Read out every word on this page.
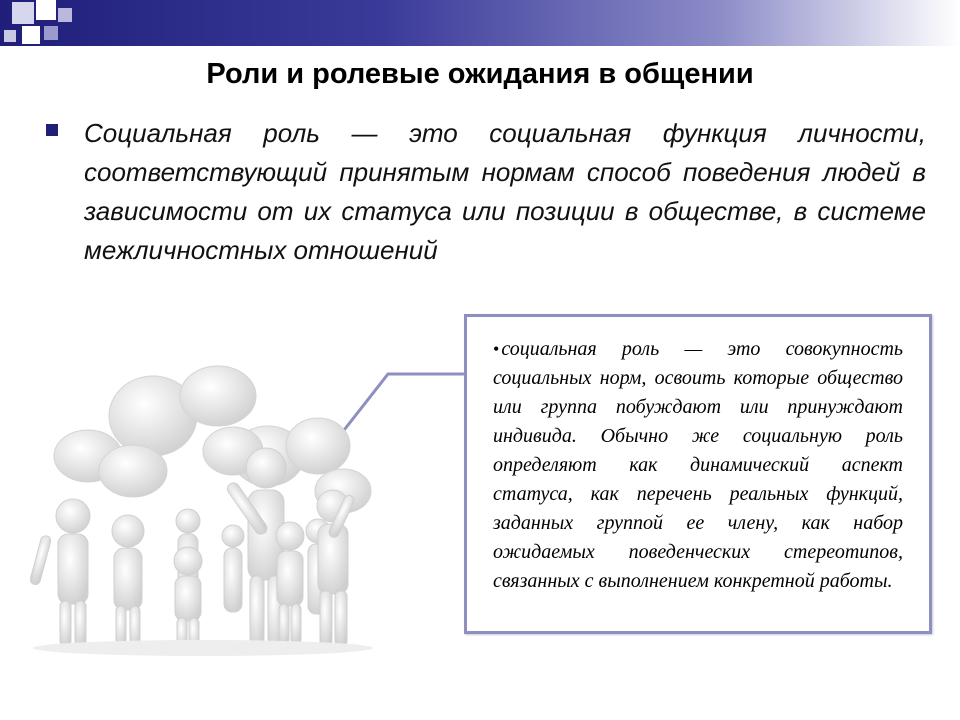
Роли и ролевые ожидания в общении
Социальная роль — это социальная функция личности, соответствующий принятым нормам способ поведения людей в зависимости от их статуса или позиции в обществе, в системе межличностных отношений
• социальная роль — это совокупность социальных норм, освоить которые общество или группа побуждают или принуждают индивида. Обычно же социальную роль определяют как динамический аспект статуса, как перечень реальных функций, заданных группой ее члену, как набор ожидаемых поведенческих стереотипов, связанных с выполнением конкретной работы.
